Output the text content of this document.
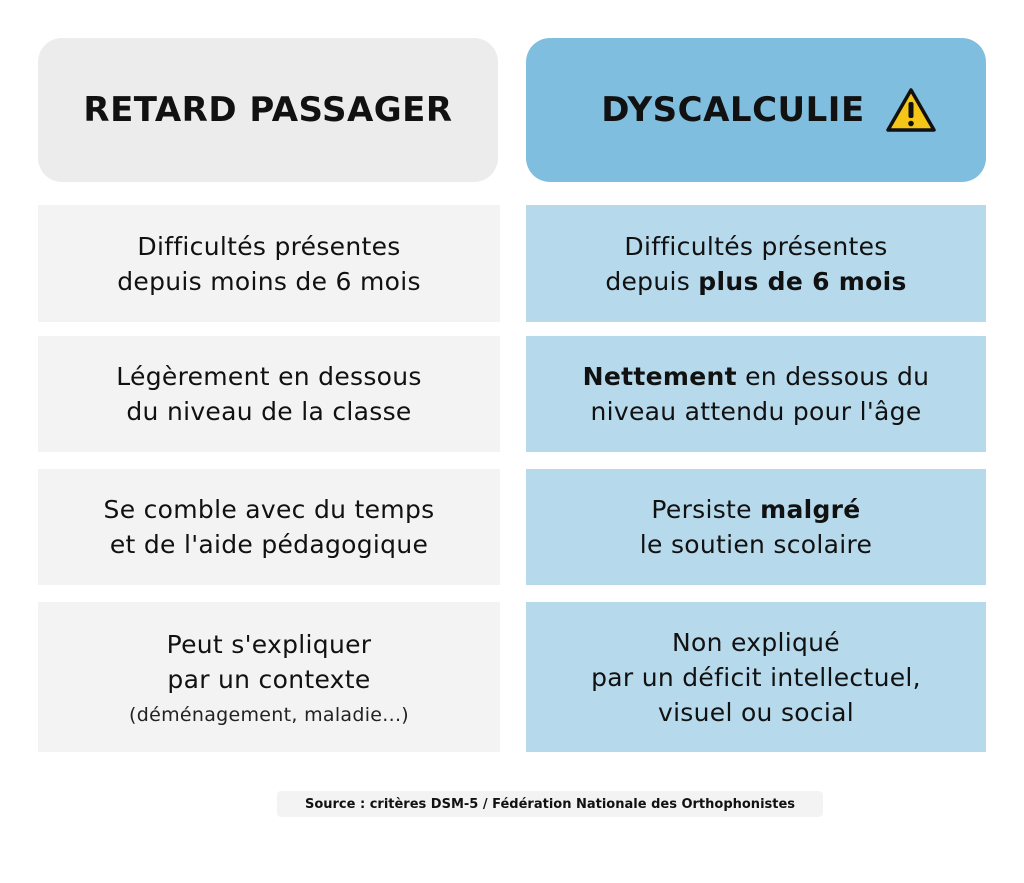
RETARD PASSAGER	DYSCALCULIE
Difficultés présentes
depuis moins de 6 mois
Difficultés présentes
depuis plus de 6 mois
Légèrement en dessous
du niveau de la classe
Nettement en dessous du
niveau attendu pour l'âge
Se comble avec du temps
et de l'aide pédagogique
Persiste malgré
le soutien scolaire
Peut s'expliquer
par un contexte
(déménagement, maladie...)
Non expliqué
par un déficit intellectuel,
visuel ou social
Source : critères DSM-5 / Fédération Nationale des Orthophonistes
